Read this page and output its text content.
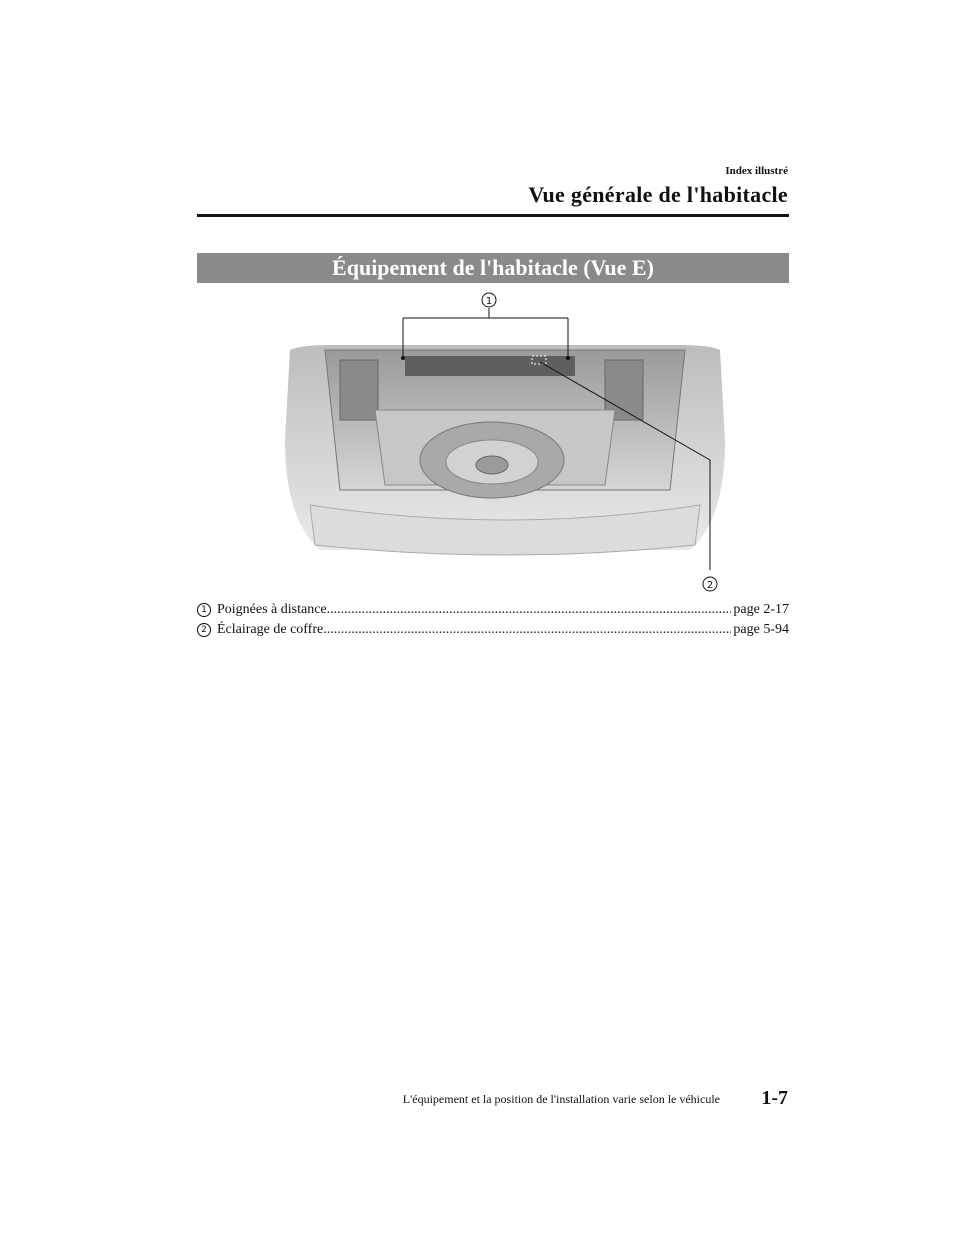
Index illustré
Vue générale de l'habitacle
Équipement de l'habitacle (Vue E)
1
2
1 Poignées à distance .....	page 2-17
2 Éclairage de coffre .....	page 5-94
L'équipement et la position de l'installation varie selon le véhicule 1-7
